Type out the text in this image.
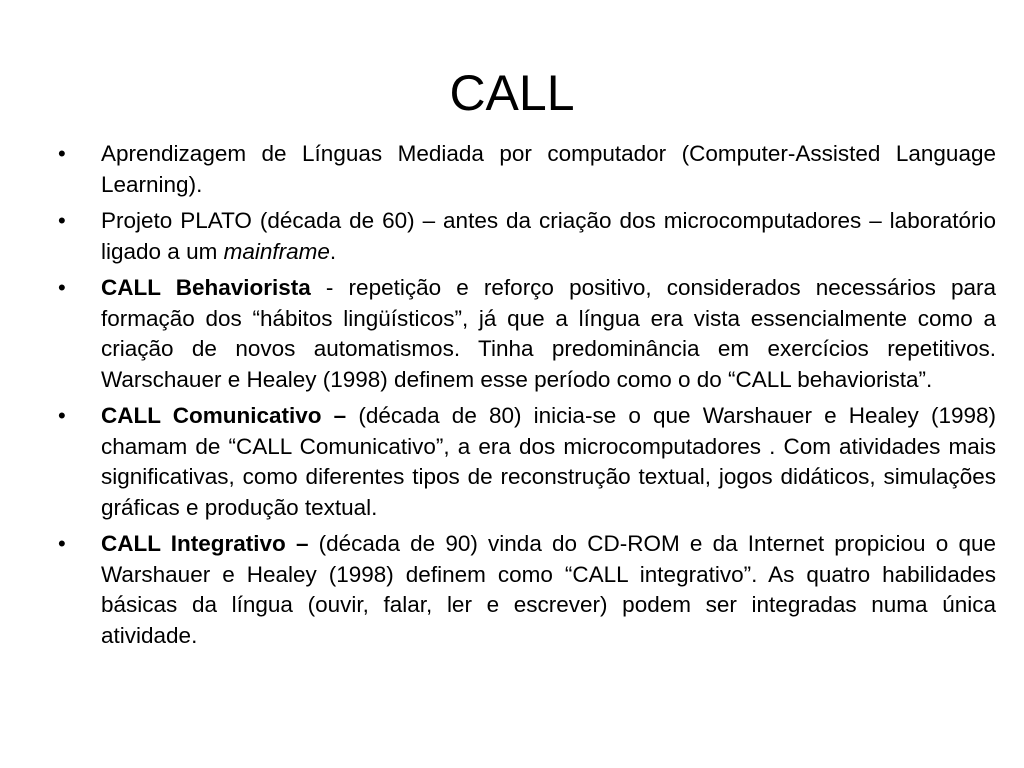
CALL
•	Aprendizagem de Línguas Mediada por computador (Computer-Assisted Language Learning).
•	Projeto PLATO (década de 60) – antes da criação dos microcomputadores – laboratório ligado a um mainframe.
•	CALL Behaviorista - repetição e reforço positivo, considerados necessários para formação dos “hábitos lingüísticos”, já que a língua era vista essencialmente como a criação de novos automatismos. Tinha predominância em exercícios repetitivos. Warschauer e Healey (1998) definem esse período como o do “CALL behaviorista”.
•	CALL Comunicativo – (década de 80) inicia-se o que Warshauer e Healey (1998) chamam de “CALL Comunicativo”, a era dos microcomputadores . Com atividades mais significativas, como diferentes tipos de reconstrução textual, jogos didáticos, simulações gráficas e produção textual.
•	CALL Integrativo – (década de 90) vinda do CD-ROM e da Internet propiciou o que Warshauer e Healey (1998) definem como “CALL integrativo”. As quatro habilidades básicas da língua (ouvir, falar, ler e escrever) podem ser integradas numa única atividade.
